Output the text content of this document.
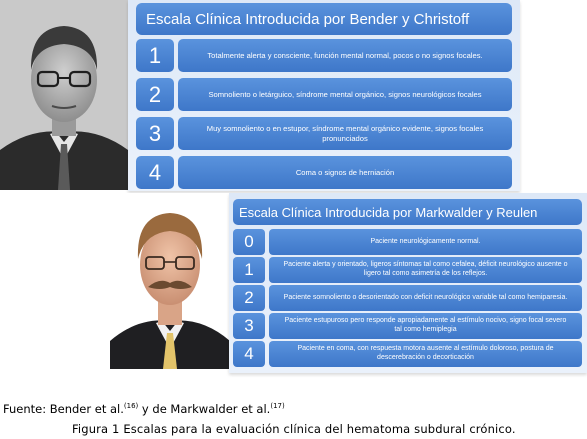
Escala Clínica Introducida por Bender y Christoff
1	Totalmente alerta y consciente, función mental normal, pocos o no signos focales.
2	Somnoliento o letárguico, síndrome mental orgánico, signos neurológicos focales
3	Muy somnoliento o en estupor, síndrome mental orgánico evidente, signos focales pronunciados
4	Coma o signos de herniación
Escala Clínica Introducida por Markwalder y Reulen
0	Paciente neurológicamente normal.
1	Paciente alerta y orientado, ligeros síntomas tal como cefalea, déficit neurológico ausente o ligero tal como asimetría de los reflejos.
2	Paciente somnoliento o desorientado con deficit neurológico variable tal como hemiparesia.
3	Paciente estupuroso pero responde apropiadamente al estímulo nocivo, signo focal severo tal como hemiplegia
4	Paciente en coma, con respuesta motora ausente al estímulo doloroso, postura de descerebración o decorticación
Fuente: Bender et al.$^{(16)}$ y de Markwalder et al.$^{(17)}$
Figura 1 Escalas para la evaluación clínica del hematoma subdural crónico.
